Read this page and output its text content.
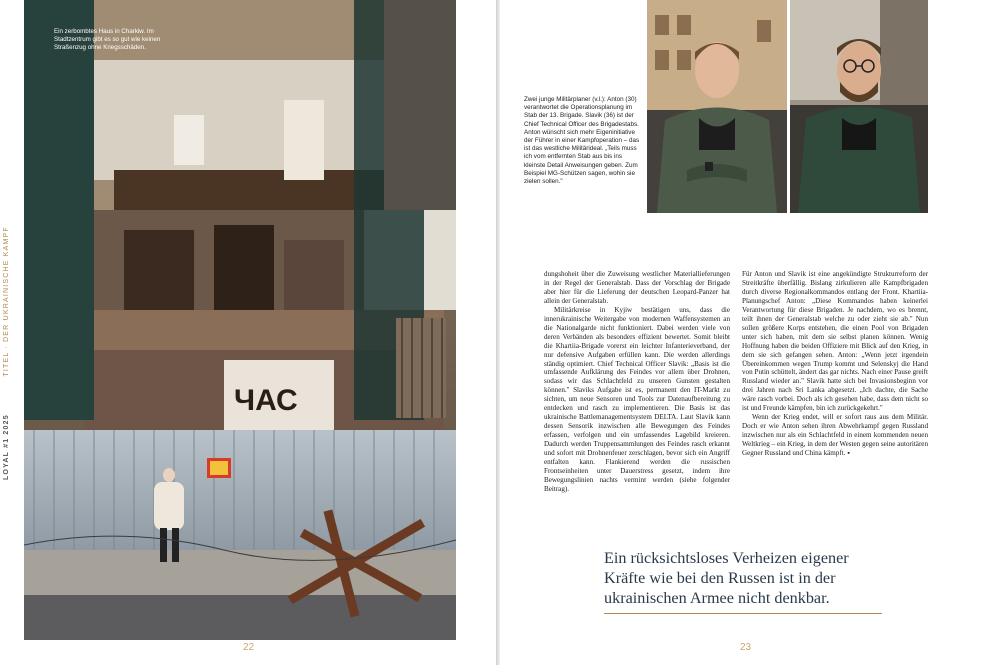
LOYAL #1 2025            TITEL · DER UKRAINISCHE KAMPF
ЧАС
Ein zerbombtes Haus in Charkiw. Im Stadtzentrum gibt es so gut wie keinen Straßenzug ohne Kriegsschäden.
22
Zwei junge Militärplaner (v.l.): Anton (30) verantwortet die Operationsplanung im Stab der 13. Brigade. Slavik (36) ist der Chief Technical Officer des Brigadestabs. Anton wünscht sich mehr Eigeninitiative der Führer in einer Kampfoperation – das ist das westliche Militärideal. „Teils muss ich vom entfernten Stab aus bis ins kleinste Detail Anweisungen geben. Zum Beispiel MG-Schützen sagen, wohin sie zielen sollen."

dungshoheit über die Zuweisung westlicher Materiallieferungen in der Regel der Generalstab. Dass der Vorschlag der Brigade aber hier für die Lieferung der deutschen Leopard-Panzer hat allein der Generalstab.

Militärkreise in Kyjiw bestätigen uns, dass die innerukrainische Weitergabe von modernen Waffensystemen an die Nationalgarde nicht funktioniert. Dabei werden viele von deren Verbänden als besonders effizient bewertet. Somit bleibt die Khartiia-Brigade vorerst ein leichter Infanterieverband, der nur defensive Aufgaben erfüllen kann. Die werden allerdings ständig optimiert. Chief Technical Officer Slavik: „Basis ist die umfassende Aufklärung des Feindes vor allem über Drohnen, sodass wir das Schlachtfeld zu unseren Gunsten gestalten können." Slaviks Aufgabe ist es, permanent den IT-Markt zu sichten, um neue Sensoren und Tools zur Datenaufbereitung zu entdecken und rasch zu implementieren. Die Basis ist das ukrainische Battlemanagementsystem DELTA. Laut Slavik kann dessen Sensorik inzwischen alle Bewegungen des Feindes erfassen, verfolgen und ein umfassendes Lagebild kreieren. Dadurch werden Truppensammlungen des Feindes rasch erkannt und sofort mit Drohnenfeuer zerschlagen, bevor sich ein Angriff entfalten kann. Flankierend werden die russischen Frontseinheiten unter Dauerstress gesetzt, indem ihre Bewegungslinien nachts vermint werden (siehe folgender Beitrag).

Für Anton und Slavik ist eine angekündigte Strukturreform der Streitkräfte überfällig. Bislang zirkulieren alle Kampfbrigaden durch diverse Regionalkommandos entlang der Front. Khartiia-Planungschef Anton: „Diese Kommandos haben keinerlei Verantwortung für diese Brigaden. Je nachdem, wo es brennt, teilt ihnen der Generalstab welche zu oder zieht sie ab." Nun sollen größere Korps entstehen, die einen Pool von Brigaden unter sich haben, mit dem sie selbst planen können. Wenig Hoffnung haben die beiden Offiziere mit Blick auf den Krieg, in dem sie sich gefangen sehen. Anton: „Wenn jetzt irgendein Übereinkommen wegen Trump kommt und Selenskyj die Hand von Putin schüttelt, ändert das gar nichts. Nach einer Pause greift Russland wieder an." Slavik hatte sich bei Invasionsbeginn vor drei Jahren nach Sri Lanka abgesetzt. „Ich dachte, die Sache wäre rasch vorbei. Doch als ich gesehen habe, dass dem nicht so ist und Freunde kämpfen, bin ich zurückgekehrt."

Wenn der Krieg endet, will er sofort raus aus dem Militär. Doch er wie Anton sehen ihren Abwehrkampf gegen Russland inzwischen nur als ein Schlachtfeld in einem kommenden neuen Weltkrieg – ein Krieg, in dem der Westen gegen seine autoritären Gegner Russland und China kämpft. ▪

Ein rücksichtsloses Verheizen eigener Kräfte wie bei den Russen ist in der ukrainischen Armee nicht denkbar.
23
